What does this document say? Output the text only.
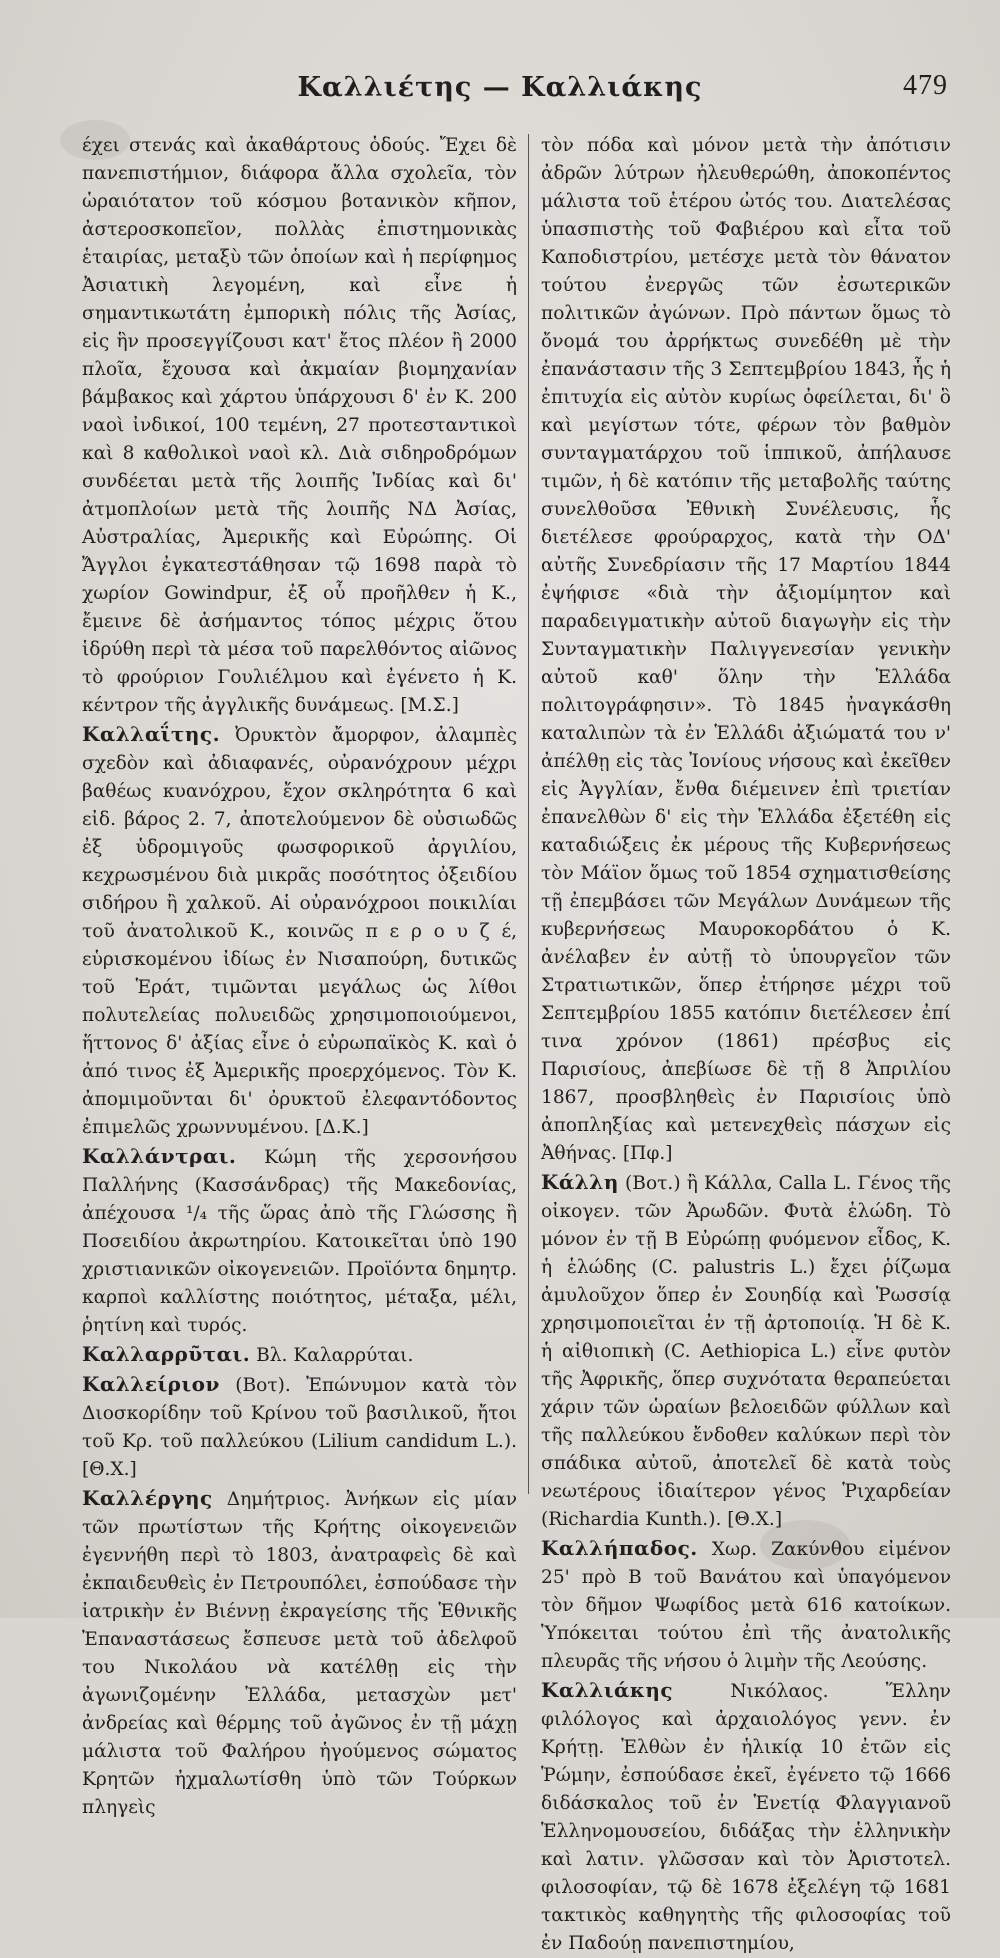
Καλλιέτης — Καλλιάκης	479

έχει στενάς καὶ ἀκαθάρτους ὁδούς. Ἔχει δὲ πανεπιστήμιον, διάφορα ἄλλα σχολεῖα, τὸν ὡραιότατον τοῦ κόσμου βοτανικὸν κῆπον, ἀστεροσκοπεῖον, πολλὰς ἐπιστημονικὰς ἑταιρίας, μεταξὺ τῶν ὁποίων καὶ ἡ περίφημος Ἀσιατικὴ λεγομένη, καὶ εἶνε ἡ σημαντικωτάτη ἐμπορικὴ πόλις τῆς Ἀσίας, εἰς ἣν προσεγγίζουσι κατ' ἔτος πλέον ἢ 2000 πλοῖα, ἔχουσα καὶ ἀκμαίαν βιομηχανίαν βάμβακος καὶ χάρτου ὑπάρχουσι δ' ἐν Κ. 200 ναοὶ ἰνδικοί, 100 τεμένη, 27 προτεσταντικοὶ καὶ 8 καθολικοὶ ναοὶ κλ. Διὰ σιδηροδρόμων συνδέεται μετὰ τῆς λοιπῆς Ἰνδίας καὶ δι' ἀτμοπλοίων μετὰ τῆς λοιπῆς ΝΔ Ἀσίας, Αὐστραλίας, Ἀμερικῆς καὶ Εὐρώπης. Οἱ Ἄγγλοι ἐγκατεστάθησαν τῷ 1698 παρὰ τὸ χωρίον Gowindpur, ἐξ οὗ προῆλθεν ἡ Κ., ἔμεινε δὲ ἀσήμαντος τόπος μέχρις ὅτου ἱδρύθη περὶ τὰ μέσα τοῦ παρελθόντος αἰῶνος τὸ φρούριον Γουλιέλμου καὶ ἐγένετο ἡ Κ. κέντρον τῆς ἀγγλικῆς δυνάμεως. [Μ.Σ.]

Καλλαΐτης. Ὀρυκτὸν ἄμορφον, ἀλαμπὲς σχεδὸν καὶ ἀδιαφανές, οὐρανόχρουν μέχρι βαθέως κυανόχρου, ἔχον σκληρότητα 6 καὶ εἰδ. βάρος 2. 7, ἀποτελούμενον δὲ οὐσιωδῶς ἐξ ὑδρομιγοῦς φωσφορικοῦ ἀργιλίου, κεχρωσμένου διὰ μικρᾶς ποσότητος ὀξειδίου σιδήρου ἢ χαλκοῦ. Αἱ οὐρανόχροοι ποικιλίαι τοῦ ἀνατολικοῦ Κ., κοινῶς π ε ρ ο υ ζ έ, εὑρισκομένου ἰδίως ἐν Νισαπούρη, δυτικῶς τοῦ Ἑράτ, τιμῶνται μεγάλως ὡς λίθοι πολυτελείας πολυειδῶς χρησιμοποιούμενοι, ἥττονος δ' ἀξίας εἶνε ὁ εὐρωπαϊκὸς Κ. καὶ ὁ ἀπό τινος ἐξ Ἀμερικῆς προερχόμενος. Τὸν Κ. ἀπομιμοῦνται δι' ὀρυκτοῦ ἐλεφαντόδοντος ἐπιμελῶς χρωννυμένου. [Δ.Κ.]

Καλλάντραι. Κώμη τῆς χερσονήσου Παλλήνης (Κασσάνδρας) τῆς Μακεδονίας, ἀπέχουσα ¹/₄ τῆς ὥρας ἀπὸ τῆς Γλώσσης ἢ Ποσειδίου ἀκρωτηρίου. Κατοικεῖται ὑπὸ 190 χριστιανικῶν οἰκογενειῶν. Προϊόντα δημητρ. καρποὶ καλλίστης ποιότητος, μέταξα, μέλι, ῥητίνη καὶ τυρός.

Καλλαρρῦται. Βλ. Καλαρρύται.

Καλλείριον (Βοτ). Ἐπώνυμον κατὰ τὸν Διοσκορίδην τοῦ Κρίνου τοῦ βασιλικοῦ, ἤτοι τοῦ Κρ. τοῦ παλλεύκου (Lilium candidum L.). [Θ.Χ.]

Καλλέργης Δημήτριος. Ἀνήκων εἰς μίαν τῶν πρωτίστων τῆς Κρήτης οἰκογενειῶν ἐγεννήθη περὶ τὸ 1803, ἀνατραφεὶς δὲ καὶ ἐκπαιδευθεὶς ἐν Πετρουπόλει, ἐσπούδασε τὴν ἰατρικὴν ἐν Βιέννῃ ἐκραγείσης τῆς Ἑθνικῆς Ἐπαναστάσεως ἔσπευσε μετὰ τοῦ ἀδελφοῦ του Νικολάου νὰ κατέλθῃ εἰς τὴν ἀγωνιζομένην Ἑλλάδα, μετασχὼν μετ' ἀνδρείας καὶ θέρμης τοῦ ἀγῶνος ἐν τῇ μάχῃ μάλιστα τοῦ Φαλήρου ἡγούμενος σώματος Κρητῶν ἠχμαλωτίσθη ὑπὸ τῶν Τούρκων πληγεὶς

τὸν πόδα καὶ μόνον μετὰ τὴν ἀπότισιν ἀδρῶν λύτρων ἠλευθερώθη, ἀποκοπέντος μάλιστα τοῦ ἑτέρου ὠτός του. Διατελέσας ὑπασπιστὴς τοῦ Φαβιέρου καὶ εἶτα τοῦ Καποδιστρίου, μετέσχε μετὰ τὸν θάνατον τούτου ἐνεργῶς τῶν ἐσωτερικῶν πολιτικῶν ἀγώνων. Πρὸ πάντων ὅμως τὸ ὄνομά του ἀρρήκτως συνεδέθη μὲ τὴν ἐπανάστασιν τῆς 3 Σεπτεμβρίου 1843, ἧς ἡ ἐπιτυχία εἰς αὐτὸν κυρίως ὀφείλεται, δι' ὃ καὶ μεγίστων τότε, φέρων τὸν βαθμὸν συνταγματάρχου τοῦ ἱππικοῦ, ἀπήλαυσε τιμῶν, ἡ δὲ κατόπιν τῆς μεταβολῆς ταύτης συνελθοῦσα Ἐθνικὴ Συνέλευσις, ἧς διετέλεσε φρούραρχος, κατὰ τὴν ΟΔ' αὐτῆς Συνεδρίασιν τῆς 17 Μαρτίου 1844 ἐψήφισε «διὰ τὴν ἀξιομίμητον καὶ παραδειγματικὴν αὐτοῦ διαγωγὴν εἰς τὴν Συνταγματικὴν Παλιγγενεσίαν γενικὴν αὐτοῦ καθ' ὅλην τὴν Ἑλλάδα πολιτογράφησιν». Τὸ 1845 ἠναγκάσθη καταλιπὼν τὰ ἐν Ἑλλάδι ἀξιώματά του ν' ἀπέλθῃ εἰς τὰς Ἰονίους νήσους καὶ ἐκεῖθεν εἰς Ἀγγλίαν, ἔνθα διέμεινεν ἐπὶ τριετίαν ἐπανελθὼν δ' εἰς τὴν Ἑλλάδα ἐξετέθη εἰς καταδιώξεις ἐκ μέρους τῆς Κυβερνήσεως τὸν Μάϊον ὅμως τοῦ 1854 σχηματισθείσης τῇ ἐπεμβάσει τῶν Μεγάλων Δυνάμεων τῆς κυβερνήσεως Μαυροκορδάτου ὁ Κ. ἀνέλαβεν ἐν αὐτῇ τὸ ὑπουργεῖον τῶν Στρατιωτικῶν, ὅπερ ἐτήρησε μέχρι τοῦ Σεπτεμβρίου 1855 κατόπιν διετέλεσεν ἐπί τινα χρόνον (1861) πρέσβυς εἰς Παρισίους, ἀπεβίωσε δὲ τῇ 8 Ἀπριλίου 1867, προσβληθεὶς ἐν Παρισίοις ὑπὸ ἀποπληξίας καὶ μετενεχθεὶς πάσχων εἰς Ἀθήνας. [Πφ.]

Κάλλη (Βοτ.) ἢ Κάλλα, Calla L. Γένος τῆς οἰκογεν. τῶν Ἀρωδῶν. Φυτὰ ἑλώδη. Τὸ μόνον ἐν τῇ Β Εὐρώπῃ φυόμενον εἶδος, Κ. ἡ ἑλώδης (C. palustris L.) ἔχει ῥίζωμα ἀμυλοῦχον ὅπερ ἐν Σουηδίᾳ καὶ Ῥωσσίᾳ χρησιμοποιεῖται ἐν τῇ ἀρτοποιίᾳ. Ἡ δὲ Κ. ἡ αἰθιοπικὴ (C. Aethiopica L.) εἶνε φυτὸν τῆς Ἀφρικῆς, ὅπερ συχνότατα θεραπεύεται χάριν τῶν ὡραίων βελοειδῶν φύλλων καὶ τῆς παλλεύκου ἔνδοθεν καλύκων περὶ τὸν σπάδικα αὐτοῦ, ἀποτελεῖ δὲ κατὰ τοὺς νεωτέρους ἰδιαίτερον γένος Ῥιχαρδείαν (Richardia Kunth.). [Θ.Χ.]

Καλλήπαδος. Χωρ. Ζακύνθου εἰμένον 25' πρὸ Β τοῦ Βανάτου καὶ ὑπαγόμενον τὸν δῆμον Ψωφίδος μετὰ 616 κατοίκων. Ὑπόκειται τούτου ἐπὶ τῆς ἀνατολικῆς πλευρᾶς τῆς νήσου ὁ λιμὴν τῆς Λεούσης.

Καλλιάκης	Νικόλαος. Ἕλλην φιλόλογος καὶ ἀρχαιολόγος γενν. ἐν Κρήτῃ. Ἐλθὼν ἐν ἡλικίᾳ 10 ἐτῶν εἰς Ῥώμην, ἐσπούδασε ἐκεῖ, ἐγένετο τῷ 1666 διδάσκαλος τοῦ ἐν Ἑνετίᾳ Φλαγγιανοῦ Ἑλληνομουσείου, διδάξας τὴν ἑλληνικὴν καὶ λατιν. γλῶσσαν καὶ τὸν Ἀριστοτελ. φιλοσοφίαν, τῷ δὲ 1678 ἐξελέγη τῷ 1681 τακτικὸς καθηγητὴς τῆς φιλοσοφίας τοῦ ἐν Παδούῃ πανεπιστημίου,
